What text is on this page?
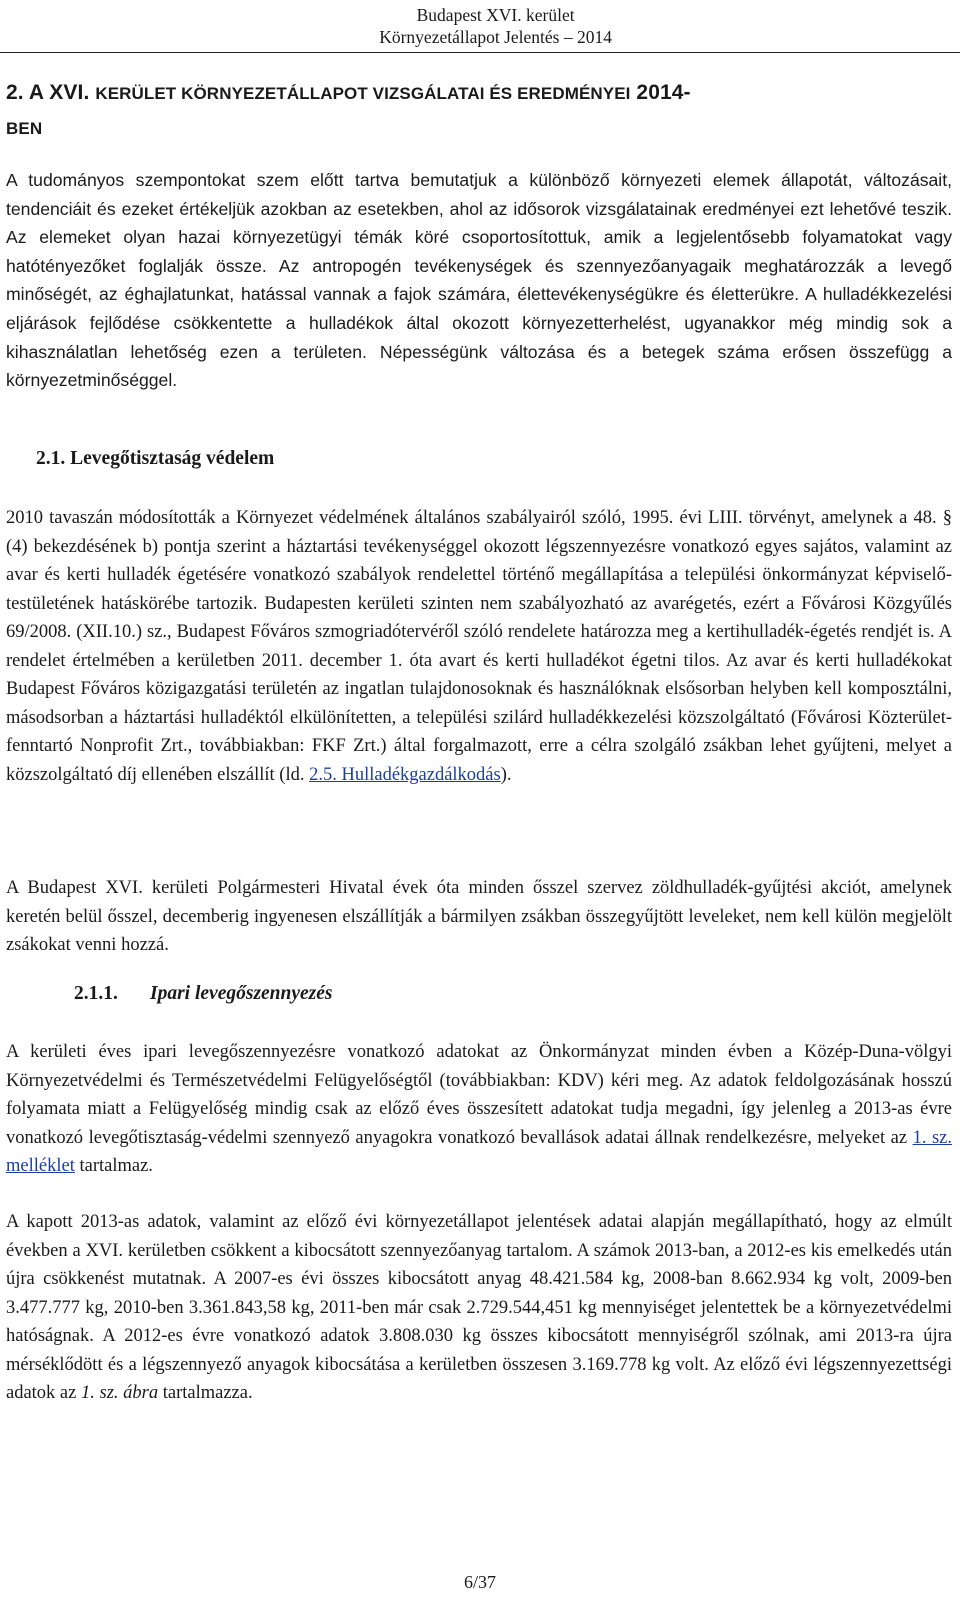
Budapest XVI. kerület
Környezetállapot Jelentés – 2014
2. A XVI. KERÜLET KÖRNYEZETÁLLAPOT VIZSGÁLATAI ÉS EREDMÉNYEI 2014-
BEN

A tudományos szempontokat szem előtt tartva bemutatjuk a különböző környezeti elemek állapotát, változásait, tendenciáit és ezeket értékeljük azokban az esetekben, ahol az idősorok vizsgálatainak eredményei ezt lehetővé teszik. Az elemeket olyan hazai környezetügyi témák köré csoportosítottuk, amik a legjelentősebb folyamatokat vagy hatótényezőket foglalják össze. Az antropogén tevékenységek és szennyezőanyagaik meghatározzák a levegő minőségét, az éghajlatunkat, hatással vannak a fajok számára, élettevékenységükre és életterükre. A hulladékkezelési eljárások fejlődése csökkentette a hulladékok által okozott környezetterhelést, ugyanakkor még mindig sok a kihasználatlan lehetőség ezen a területen. Népességünk változása és a betegek száma erősen összefügg a környezetminőséggel.

2.1. Levegőtisztaság védelem

2010 tavaszán módosították a Környezet védelmének általános szabályairól szóló, 1995. évi LIII. törvényt, amelynek a 48. § (4) bekezdésének b) pontja szerint a háztartási tevékenységgel okozott légszennyezésre vonatkozó egyes sajátos, valamint az avar és kerti hulladék égetésére vonatkozó szabályok rendelettel történő megállapítása a települési önkormányzat képviselő-testületének hatáskörébe tartozik. Budapesten kerületi szinten nem szabályozható az avarégetés, ezért a Fővárosi Közgyűlés 69/2008. (XII.10.) sz., Budapest Főváros szmogriadótervéről szóló rendelete határozza meg a kertihulladék-égetés rendjét is. A rendelet értelmében a kerületben 2011. december 1. óta avart és kerti hulladékot égetni tilos. Az avar és kerti hulladékokat Budapest Főváros közigazgatási területén az ingatlan tulajdonosoknak és használóknak elsősorban helyben kell komposztálni, másodsorban a háztartási hulladéktól elkülönítetten, a települési szilárd hulladékkezelési közszolgáltató (Fővárosi Közterület-fenntartó Nonprofit Zrt., továbbiakban: FKF Zrt.) által forgalmazott, erre a célra szolgáló zsákban lehet gyűjteni, melyet a közszolgáltató díj ellenében elszállít (ld. 2.5. Hulladékgazdálkodás).

A Budapest XVI. kerületi Polgármesteri Hivatal évek óta minden ősszel szervez zöldhulladék-gyűjtési akciót, amelynek keretén belül ősszel, decemberig ingyenesen elszállítják a bármilyen zsákban összegyűjtött leveleket, nem kell külön megjelölt zsákokat venni hozzá.

2.1.1. Ipari levegőszennyezés

A kerületi éves ipari levegőszennyezésre vonatkozó adatokat az Önkormányzat minden évben a Közép-Duna-völgyi Környezetvédelmi és Természetvédelmi Felügyelőségtől (továbbiakban: KDV) kéri meg. Az adatok feldolgozásának hosszú folyamata miatt a Felügyelőség mindig csak az előző éves összesített adatokat tudja megadni, így jelenleg a 2013-as évre vonatkozó levegőtisztaság-védelmi szennyező anyagokra vonatkozó bevallások adatai állnak rendelkezésre, melyeket az 1. sz. melléklet tartalmaz.

A kapott 2013-as adatok, valamint az előző évi környezetállapot jelentések adatai alapján megállapítható, hogy az elmúlt években a XVI. kerületben csökkent a kibocsátott szennyezőanyag tartalom. A számok 2013-ban, a 2012-es kis emelkedés után újra csökkenést mutatnak. A 2007-es évi összes kibocsátott anyag 48.421.584 kg, 2008-ban 8.662.934 kg volt, 2009-ben 3.477.777 kg, 2010-ben 3.361.843,58 kg, 2011-ben már csak 2.729.544,451 kg mennyiséget jelentettek be a környezetvédelmi hatóságnak. A 2012-es évre vonatkozó adatok 3.808.030 kg összes kibocsátott mennyiségről szólnak, ami 2013-ra újra mérséklődött és a légszennyező anyagok kibocsátása a kerületben összesen 3.169.778 kg volt. Az előző évi légszennyezettségi adatok az 1. sz. ábra tartalmazza.

6/37
